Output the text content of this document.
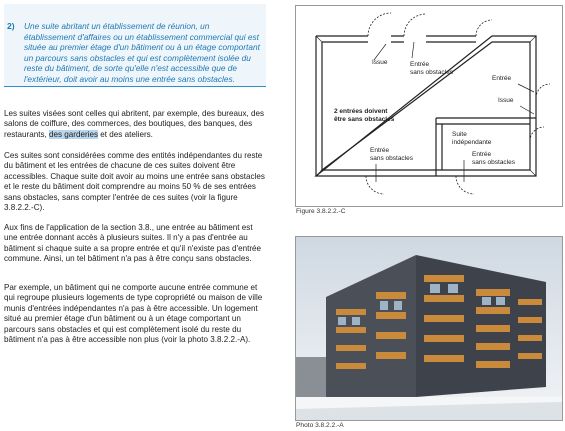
2) Une suite abritant un établissement de réunion, un établissement d'affaires ou un établissement commercial qui est située au premier étage d'un bâtiment ou à un étage comportant un parcours sans obstacles et qui est complètement isolée du reste du bâtiment, de sorte qu'elle n'est accessible que de l'extérieur, doit avoir au moins une entrée sans obstacles.
Les suites visées sont celles qui abritent, par exemple, des bureaux, des salons de coiffure, des commerces, des boutiques, des banques, des restaurants, des garderies et des ateliers.
Ces suites sont considérées comme des entités indépendantes du reste du bâtiment et les entrées de chacune de ces suites doivent être accessibles. Chaque suite doit avoir au moins une entrée sans obstacles et le reste du bâtiment doit comprendre au moins 50 % de ses entrées sans obstacles, sans compter l'entrée de ces suites (voir la figure 3.8.2.2.-C).
Aux fins de l'application de la section 3.8., une entrée au bâtiment est une entrée donnant accès à plusieurs suites. Il n'y a pas d'entrée au bâtiment si chaque suite a sa propre entrée et qu'il n'existe pas d'entrée commune. Ainsi, un tel bâtiment n'a pas à être conçu sans obstacles.
Par exemple, un bâtiment qui ne comporte aucune entrée commune et qui regroupe plusieurs logements de type copropriété ou maison de ville munis d'entrées indépendantes n'a pas à être accessible. Un logement situé au premier étage d'un bâtiment ou à un étage comportant un parcours sans obstacles et qui est complètement isolé du reste du bâtiment n'a pas à être accessible non plus (voir la photo 3.8.2.2.-A).
Issue	Entrée
sans obstacles
Entrée
Issue
2 entrées doivent
être sans obstacles
Suite
indépendante
Entrée
sans obstacles
Entrée
sans obstacles
Figure 3.8.2.2.-C
Photo 3.8.2.2.-A
